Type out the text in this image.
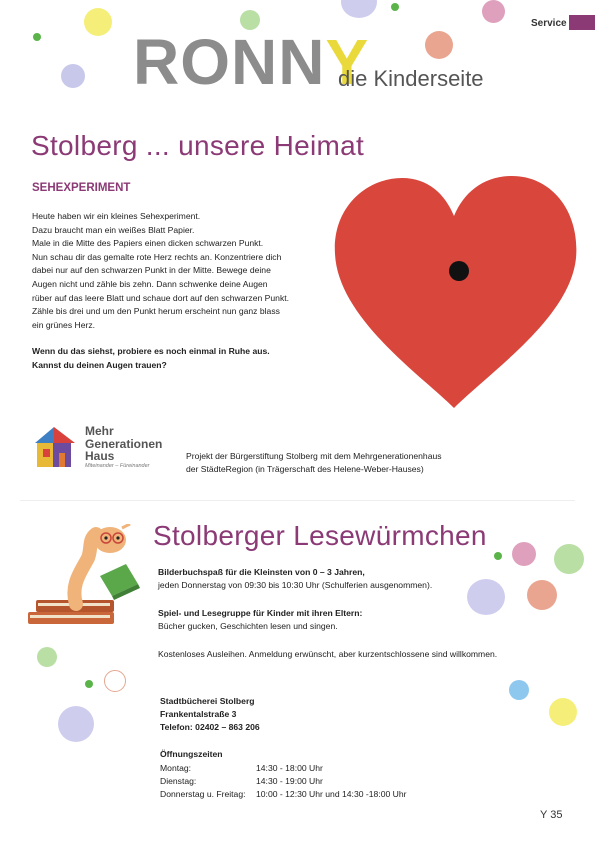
Service
RONNY
die Kinderseite
Stolberg ... unsere Heimat
SEHEXPERIMENT

Heute haben wir ein kleines Sehexperiment.

Dazu braucht man ein weißes Blatt Papier.

Male in die Mitte des Papiers einen dicken schwarzen Punkt.

Nun schau dir das gemalte rote Herz rechts an. Konzentriere dich

dabei nur auf den schwarzen Punkt in der Mitte. Bewege deine

Augen nicht und zähle bis zehn. Dann schwenke deine Augen

rüber auf das leere Blatt und schaue dort auf den schwarzen Punkt.

Zähle bis drei und um den Punkt herum erscheint nun ganz blass

ein grünes Herz.

Wenn du das siehst, probiere es noch einmal in Ruhe aus.

Kannst du deinen Augen trauen?

Mehr
Generationen
Haus
Miteinander – Füreinander
Projekt der Bürgerstiftung Stolberg mit dem Mehrgenerationenhaus
der StädteRegion (in Trägerschaft des Helene-Weber-Hauses)
Stolberger Lesewürmchen

Bilderbuchspaß für die Kleinsten von 0 – 3 Jahren,

jeden Donnerstag von 09:30 bis 10:30 Uhr (Schulferien ausgenommen).

Spiel- und Lesegruppe für Kinder mit ihren Eltern:

Bücher gucken, Geschichten lesen und singen.

Kostenloses Ausleihen. Anmeldung erwünscht, aber kurzentschlossene sind willkommen.

Stadtbücherei Stolberg

Frankentalstraße 3

Telefon: 02402 – 863 206

Öffnungszeiten
Montag:	14:30 - 18:00 Uhr
Dienstag:	14:30 - 19:00 Uhr
Donnerstag u. Freitag:	10:00 - 12:30 Uhr und 14:30 -18:00 Uhr
Y 35
